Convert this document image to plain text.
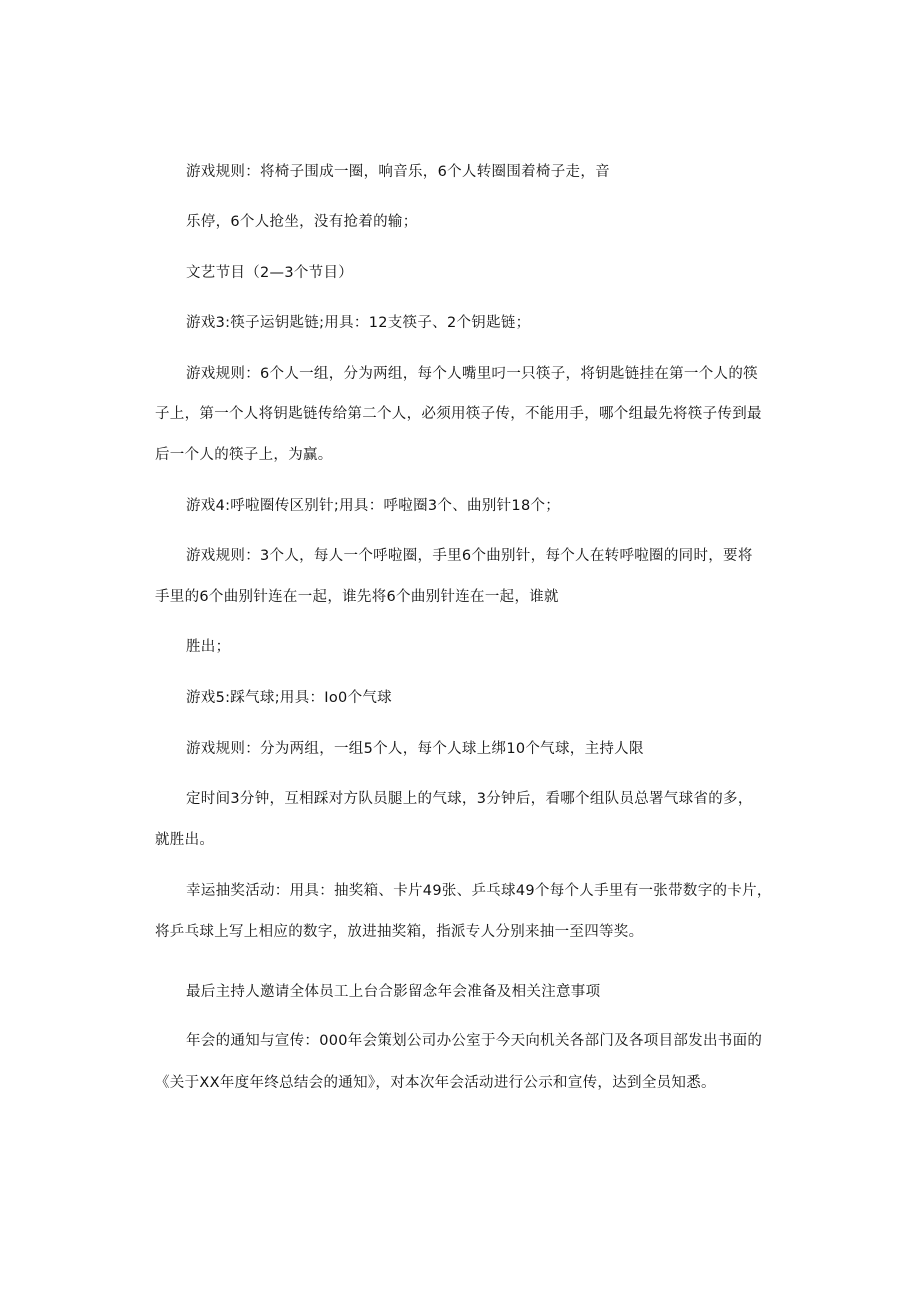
游戏规则：将椅子围成一圈，响音乐，6个人转圈围着椅子走，音

乐停，6个人抢坐，没有抢着的输；

文艺节目（2—3个节目）

游戏3:筷子运钥匙链;用具：12支筷子、2个钥匙链；

游戏规则：6个人一组，分为两组，每个人嘴里叼一只筷子，将钥匙链挂在第一个人的筷

子上，第一个人将钥匙链传给第二个人，必须用筷子传，不能用手，哪个组最先将筷子传到最

后一个人的筷子上，为赢。

游戏4:呼啦圈传区别针;用具：呼啦圈3个、曲别针18个；

游戏规则：3个人，每人一个呼啦圈，手里6个曲别针，每个人在转呼啦圈的同时，要将

手里的6个曲别针连在一起，谁先将6个曲别针连在一起，谁就

胜出；

游戏5:踩气球;用具：Io0个气球

游戏规则：分为两组，一组5个人，每个人球上绑10个气球，主持人限

定时间3分钟，互相踩对方队员腿上的气球，3分钟后，看哪个组队员总署气球省的多，

就胜出。

幸运抽奖活动：用具：抽奖箱、卡片49张、乒乓球49个每个人手里有一张带数字的卡片，

将乒乓球上写上相应的数字，放进抽奖箱，指派专人分别来抽一至四等奖。

最后主持人邀请全体员工上台合影留念年会准备及相关注意事项

年会的通知与宣传：000年会策划公司办公室于今天向机关各部门及各项目部发出书面的

《关于XX年度年终总结会的通知》，对本次年会活动进行公示和宣传，达到全员知悉。
